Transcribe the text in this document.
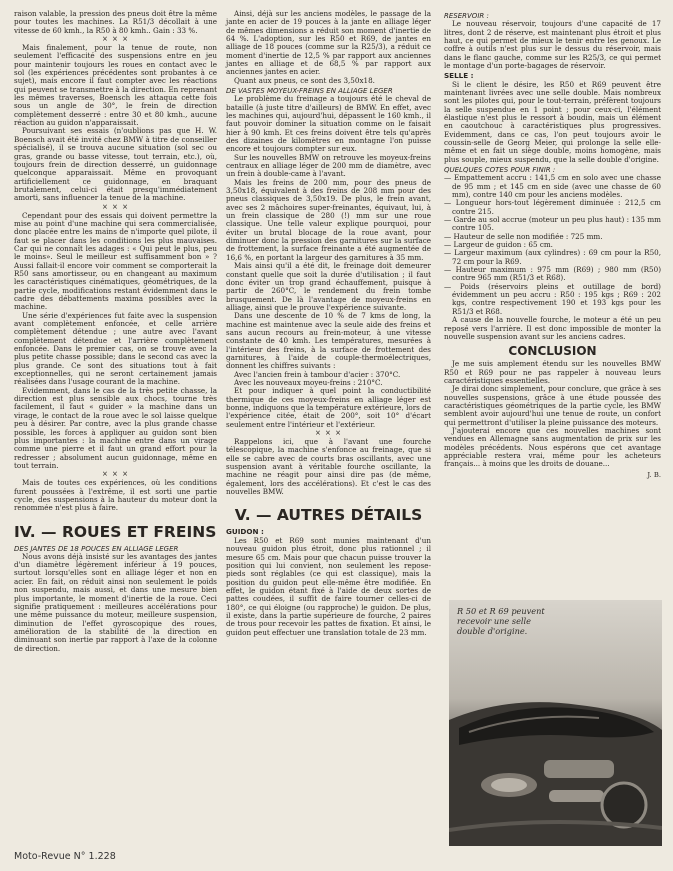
raison valable, la pression des pneus doit être la même pour toutes les machines. La R51/3 décollait à une vitesse de 60 kmh., la R50 à 80 kmh.. Gain : 33 %.

× × ×

Mais finalement, pour la tenue de route, non seulement l'efficacité des suspensions entre en jeu pour maintenir toujours les roues en contact avec le sol (les expériences précédentes sont probantes à ce sujet), mais encore il faut compter avec les réactions qui peuvent se transmettre à la direction. En reprenant les mêmes traverses, Boensch les attaqua cette fois sous un angle de 30°, le frein de direction complètement desserré : entre 30 et 80 kmh., aucune réaction au guidon n'apparaissait.

Poursuivant ses essais (n'oublions pas que H. W. Boensch avait été invité chez BMW à titre de conseiller spécialisé), il se trouva aucune situation (sol sec ou gras, grande ou basse vitesse, tout terrain, etc.), où, toujours frein de direction desserré, un guidonnage quelconque apparaissait. Même en provoquant artificiellement ce guidonnage, en braquant brutalement, celui-ci était presqu'immédiatement amorti, sans influencer la tenue de la machine.

× × ×

Cependant pour des essais qui doivent permettre la mise au point d'une machine qui sera commercialisée, donc placée entre les mains de n'importe quel pilote, il faut se placer dans les conditions les plus mauvaises. Car qui ne connaît les adages : « Qui peut le plus, peu le moins». Seul le meilleur est suffisamment bon » ? Aussi fallait-il encore voir comment se comporterait la R50 sans amortisseur, ou en changeant au maximum les caractéristiques cinématiques, géométriques, de la partie cycle, modifications restant évidemment dans le cadre des débattements maxima possibles avec la machine.

Une série d'expériences fut faite avec la suspension avant complètement enfoncée, et celle arrière complètement détendue ; une autre avec l'avant complètement détendue et l'arrière complètement enfoncée. Dans le premier cas, on se trouve avec la plus petite chasse possible; dans le second cas avec la plus grande. Ce sont des situations tout à fait exceptionnelles, qui ne seront certainement jamais réalisées dans l'usage courant de la machine.

Evidemment, dans le cas de la très petite chasse, la direction est plus sensible aux chocs, tourne très facilement, il faut « guider » la machine dans un virage, le contact de la roue avec le sol laisse quelque peu à désirer. Par contre, avec la plus grande chasse possible, les forces à appliquer au guidon sont bien plus importantes : la machine entre dans un virage comme une pierre et il faut un grand effort pour la redresser ; absolument aucun guidonnage, même en tout terrain.

× × ×

Mais de toutes ces expériences, où les conditions furent poussées à l'extrême, il est sorti une partie cycle, des suspensions à la hauteur du moteur dont la renommée n'est plus à faire.

IV. — ROUES ET FREINS
DES JANTES DE 18 POUCES EN ALLIAGE LEGER

Nous avons déjà insisté sur les avantages des jantes d'un diamètre légèrement inférieur à 19 pouces, surtout lorsqu'elles sont en alliage léger et non en acier. En fait, on réduit ainsi non seulement le poids non suspendu, mais aussi, et dans une mesure bien plus importante, le moment d'inertie de la roue. Ceci signifie pratiquement : meilleures accélérations pour une même puissance du moteur, meilleure suspension, diminution de l'effet gyroscopique des roues, amélioration de la stabilité de la direction en diminuant son inertie par rapport à l'axe de la colonne de direction.

Ainsi, déjà sur les anciens modèles, le passage de la jante en acier de 19 pouces à la jante en alliage léger de mêmes dimensions a réduit son moment d'inertie de 64 %. L'adoption, sur les R50 et R69, de jantes en alliage de 18 pouces (comme sur la R25/3), a réduit ce moment d'inertie de 12,5 % par rapport aux anciennes jantes en alliage et de 68,5 % par rapport aux anciennes jantes en acier.

Quant aux pneus, ce sont des 3,50x18.

DE VASTES MOYEUX-FREINS EN ALLIAGE LEGER

Le problème du freinage a toujours été le cheval de bataille (à juste titre d'ailleurs) de BMW. En effet, avec les machines qui, aujourd'hui, dépassent le 160 kmh., il faut pouvoir dominer la situation comme on le faisait hier à 90 kmh. Et ces freins doivent être tels qu'après des dizaines de kilomètres en montagne l'on puisse encore et toujours compter sur eux.

Sur les nouvelles BMW on retrouve les moyeux-freins centraux en alliage léger de 200 mm de diamètre, avec un frein à double-came à l'avant.

Mais les freins de 200 mm, pour des pneus de 3,50x18, équivalent à des freins de 208 mm pour des pneus classiques de 3,50x19. De plus, le frein avant, avec ses 2 mâchoires super-freinantes, équivaut, lui, à un frein classique de 280 (!) mm sur une roue classique. Une telle valeur explique pourquoi, pour éviter un brutal blocage de la roue avant, pour diminuer donc la pression des garnitures sur la surface de frottement, la surface freinante a été augmentée de 16,6 %, en portant la largeur des garnitures à 35 mm.

Mais ainsi qu'il a été dit, le freinage doit demeurer constant quelle que soit la durée d'utilisation ; il faut donc éviter un trop grand échauffement, puisque à partir de 260°C, le rendement du frein tombe brusquement. De là l'avantage de moyeux-freins en alliage, ainsi que le prouve l'expérience suivante.

Dans une descente de 10 % de 7 kms de long, la machine est maintenue avec la seule aide des freins et sans aucun recours au frein-moteur, à une vitesse constante de 40 kmh. Les températures, mesurées à l'intérieur des freins, à la surface de frottement des garnitures, à l'aide de couple-thermoélectriques, donnent les chiffres suivants :

Avec l'ancien frein à tambour d'acier : 370°C.

Avec les nouveaux moyeu-freins : 210°C.

Et pour indiquer à quel point la conductibilité thermique de ces moyeux-freins en alliage léger est bonne, indiquons que la température extérieure, lors de l'expérience citée, était de 200°, soit 10° d'écart seulement entre l'intérieur et l'extérieur.

× × ×

Rappelons ici, que à l'avant une fourche télescopique, la machine s'enfonce au freinage, que si elle se cabre avec de courts bras oscillants, avec une suspension avant à véritable fourche oscillante, la machine ne réagit pour ainsi dire pas (de même, également, lors des accélérations). Et c'est le cas des nouvelles BMW.

V. — AUTRES DÉTAILS
GUIDON :

Les R50 et R69 sont munies maintenant d'un nouveau guidon plus étroit, donc plus rationnel ; il mesure 65 cm. Mais pour que chacun puisse trouver la position qui lui convient, non seulement les repose-pieds sont réglables (ce qui est classique), mais la position du guidon peut elle-même être modifiée. En effet, le guidon étant fixé à l'aide de deux sortes de pattes coudées, il suffit de faire tourner celles-ci de 180°, ce qui éloigne (ou rapproche) le guidon. De plus, il existe, dans la partie supérieure de fourche, 2 paires de trous pour recevoir les pattes de fixation. Et ainsi, le guidon peut effectuer une translation totale de 23 mm.

RESERVOIR :

Le nouveau réservoir, toujours d'une capacité de 17 litres, dont 2 de réserve, est maintenant plus étroit et plus haut, ce qui permet de mieux le tenir entre les genoux. Le coffre à outils n'est plus sur le dessus du réservoir, mais dans le flanc gauche, comme sur les R25/3, ce qui permet le montage d'un porte-bagages de réservoir.

SELLE :

Si le client le désire, les R50 et R69 peuvent être maintenant livrées avec une selle double. Mais nombreux sont les pilotes qui, pour le tout-terrain, préfèrent toujours la selle suspendue en 1 point ; pour ceux-ci, l'élément élastique n'est plus le ressort à boudin, mais un élément en caoutchouc à caractéristiques plus progressives. Evidemment, dans ce cas, l'on peut toujours avoir le coussin-selle de Georg Meier, qui prolonge la selle elle-même et en fait un siège double, moins homogène, mais plus souple, mieux suspendu, que la selle double d'origine.

QUELQUES COTES POUR FINIR :
— Empattement accru : 141,5 cm en solo avec une chasse de 95 mm ; et 145 cm en side (avec une chasse de 60 mm), contre 140 cm pour les anciens modèles.
— Longueur hors-tout légèrement diminuée : 212,5 cm contre 215.
— Garde au sol accrue (moteur un peu plus haut) : 135 mm contre 105.
— Hauteur de selle non modifiée : 725 mm.
— Largeur de guidon : 65 cm.
— Largeur maximum (aux cylindres) : 69 cm pour la R50, 72 cm pour la R69.
— Hauteur maximum : 975 mm (R69) ; 980 mm (R50) contre 965 mm (R51/3 et R68).
— Poids (réservoirs pleins et outillage de bord) évidemment un peu accru : R50 : 195 kgs ; R69 : 202 kgs, contre respectivement 190 et 193 kgs pour les R51/3 et R68.

A cause de la nouvelle fourche, le moteur a été un peu reposé vers l'arrière. Il est donc impossible de monter la nouvelle suspension avant sur les anciens cadres.

CONCLUSION

Je me suis amplement étendu sur les nouvelles BMW R50 et R69 pour ne pas rappeler à nouveau leurs caractéristiques essentielles.

Je dirai donc simplement, pour conclure, que grâce à ses nouvelles suspensions, grâce à une étude poussée des caractéristiques géométriques de la partie cycle, les BMW semblent avoir aujourd'hui une tenue de route, un confort qui permettront d'utiliser la pleine puissance des moteurs.

J'ajouterai encore que ces nouvelles machines sont vendues en Allemagne sans augmentation de prix sur les modèles précédents. Nous espérons que cet avantage appréciable restera vrai, même pour les acheteurs français... à moins que les droits de douane...

J. B.
R 50 et R 69 peuvent recevoir une selle double d'origine.
Moto-Revue N° 1.228
